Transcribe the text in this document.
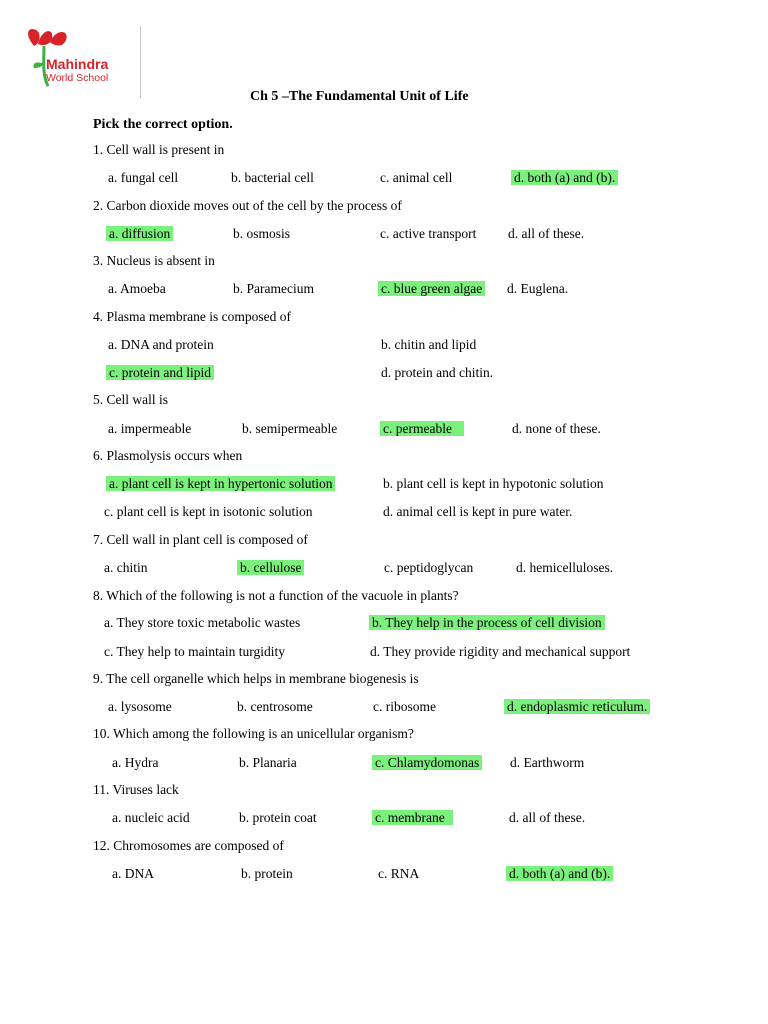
Mahindra
World School
Ch 5 –The Fundamental Unit of Life
Pick the correct option.
1. Cell wall is present in
a. fungal cell	b. bacterial cell	c. animal cell	d. both (a) and (b).
2. Carbon dioxide moves out of the cell by the process of
a. diffusion	b. osmosis	c. active transport d. all of these.
3. Nucleus is absent in
a. Amoeba	b. Paramecium	c. blue green algae d. Euglena.
4. Plasma membrane is composed of
a. DNA and protein	b. chitin and lipid
c. protein and lipid	d. protein and chitin.
5. Cell wall is
a. impermeable	b. semipermeable	c. permeable	d. none of these.
6. Plasmolysis occurs when
a. plant cell is kept in hypertonic solution	b. plant cell is kept in hypotonic solution
c. plant cell is kept in isotonic solution	d. animal cell is kept in pure water.
7. Cell wall in plant cell is composed of
a. chitin	b. cellulose	c. peptidoglycan	d. hemicelluloses.
8. Which of the following is not a function of the vacuole in plants?
a. They store toxic metabolic wastes	b. They help in the process of cell division
c. They help to maintain turgidity	d. They provide rigidity and mechanical support
9. The cell organelle which helps in membrane biogenesis is
a. lysosome	b. centrosome	c. ribosome	d. endoplasmic reticulum.
10. Which among the following is an unicellular organism?
a. Hydra	b. Planaria	c. Chlamydomonas d. Earthworm
11. Viruses lack
a. nucleic acid	b. protein coat	c. membrane	d. all of these.
12. Chromosomes are composed of
a. DNA	b. protein	c. RNA	d. both (a) and (b).
